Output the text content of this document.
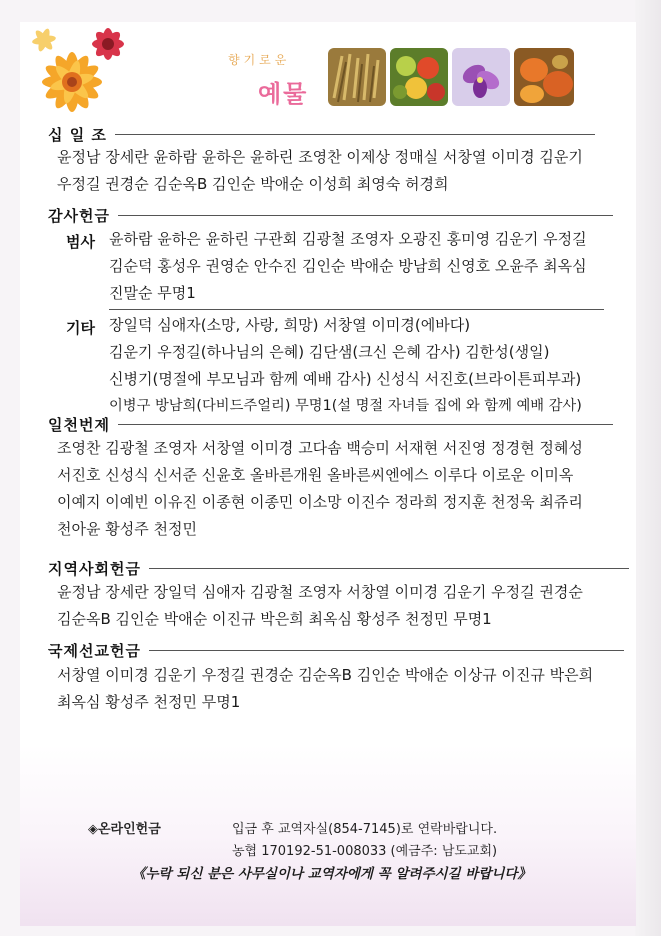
향기로운
예물
십 일 조
윤정남 장세란 윤하람 윤하은 윤하린 조영찬 이제상 정매실 서창열 이미경 김운기
우정길 권경순 김순옥B 김인순 박애순 이성희 최영숙 허경희
감사헌금
범사 윤하람 윤하은 윤하린 구관회 김광철 조영자 오광진 홍미영 김운기 우정길
김순덕 홍성우 권영순 안수진 김인순 박애순 방남희 신영호 오윤주 최옥심
진말순 무명1
기타 장일덕 심애자(소망, 사랑, 희망) 서창열 이미경(에바다)
김운기 우정길(하나님의 은혜) 김단샘(크신 은혜 감사) 김한성(생일)
신병기(명절에 부모님과 함께 예배 감사) 신성식 서진호(브라이튼피부과)
이병구 방남희(다비드주얼리) 무명1(설 명절 자녀들 집에 와 함께 예배 감사)
일천번제
조영찬 김광철 조영자 서창열 이미경 고다솜 백승미 서재현 서진영 정경현 정혜성
서진호 신성식 신서준 신윤호 올바른개원 올바른씨엔에스 이루다 이로운 이미옥
이예지 이예빈 이유진 이종현 이종민 이소망 이진수 정라희 정지훈 천정욱 최쥬리
천아윤 황성주 천정민
지역사회헌금
윤정남 장세란 장일덕 심애자 김광철 조영자 서창열 이미경 김운기 우정길 권경순
김순옥B 김인순 박애순 이진규 박은희 최옥심 황성주 천정민 무명1
국제선교헌금
서창열 이미경 김운기 우정길 권경순 김순옥B 김인순 박애순 이상규 이진규 박은희
최옥심 황성주 천정민 무명1
◈온라인헌금	입금 후 교역자실(854-7145)로 연락바랍니다.
농협 170192-51-008033 (예금주: 남도교회)
《누락 되신 분은 사무실이나 교역자에게 꼭 알려주시길 바랍니다》
